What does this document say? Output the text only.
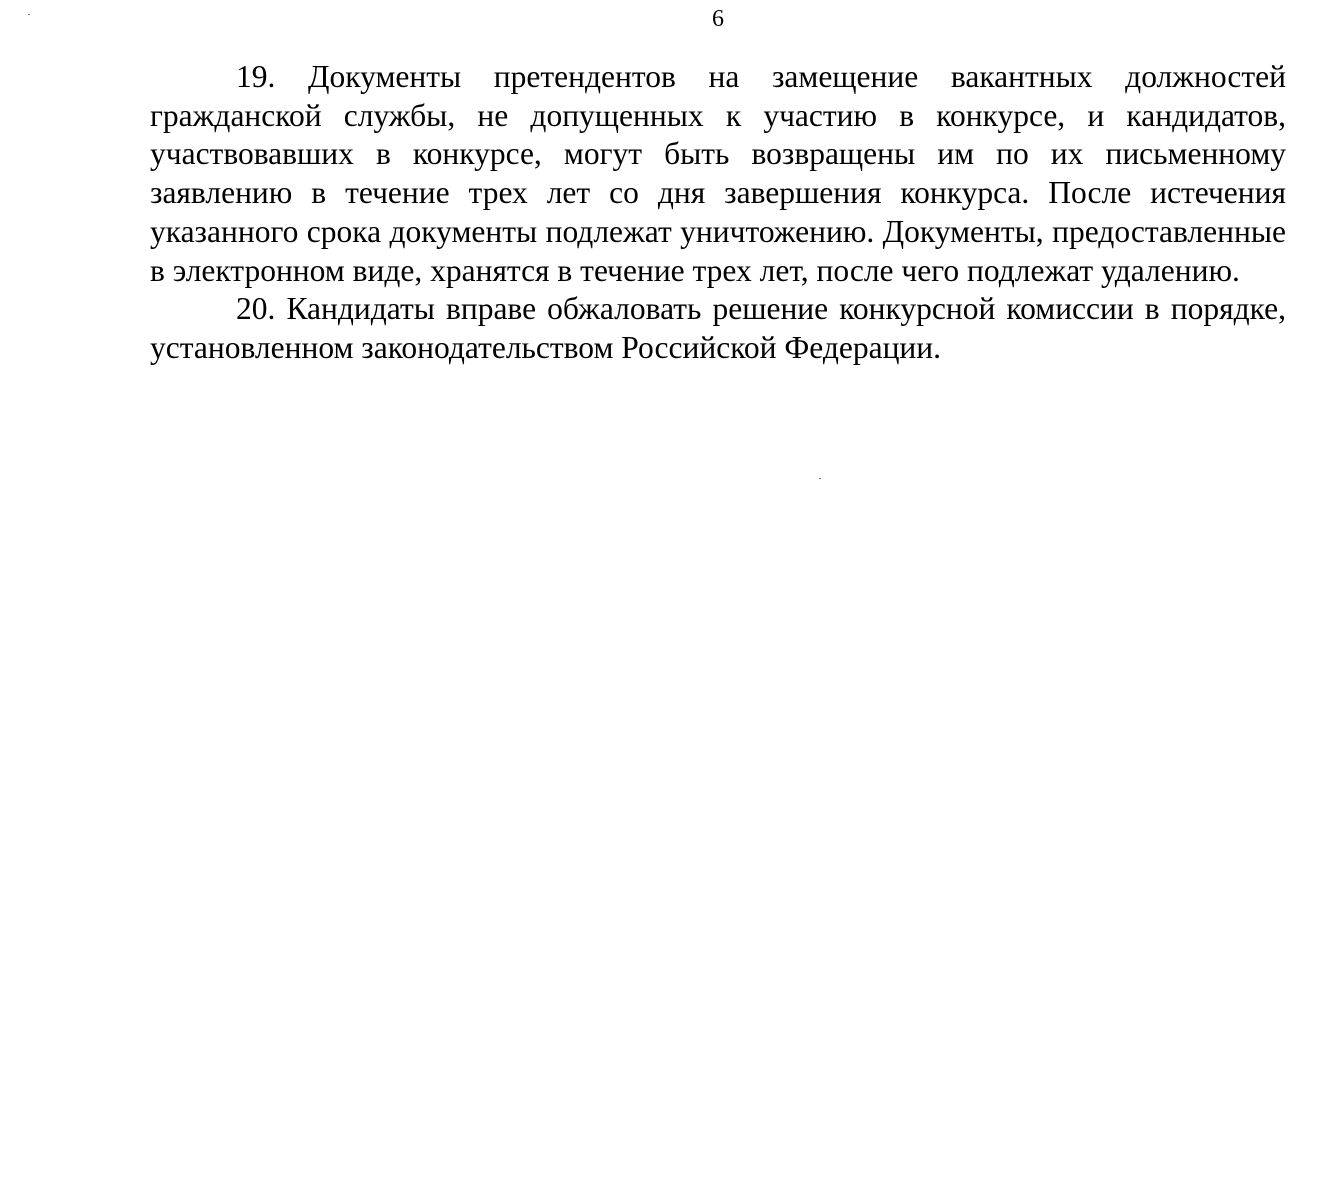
6

19. Документы претендентов на замещение вакантных должностей гражданской службы, не допущенных к участию в конкурсе, и кандидатов, участвовавших в конкурсе, могут быть возвращены им по их письменному заявлению в течение трех лет со дня завершения конкурса. После истечения указанного срока документы подлежат уничтожению. Документы, предоставленные в электронном виде, хранятся в течение трех лет, после чего подлежат удалению.

20. Кандидаты вправе обжаловать решение конкурсной комиссии в порядке, установленном законодательством Российской Федерации.
